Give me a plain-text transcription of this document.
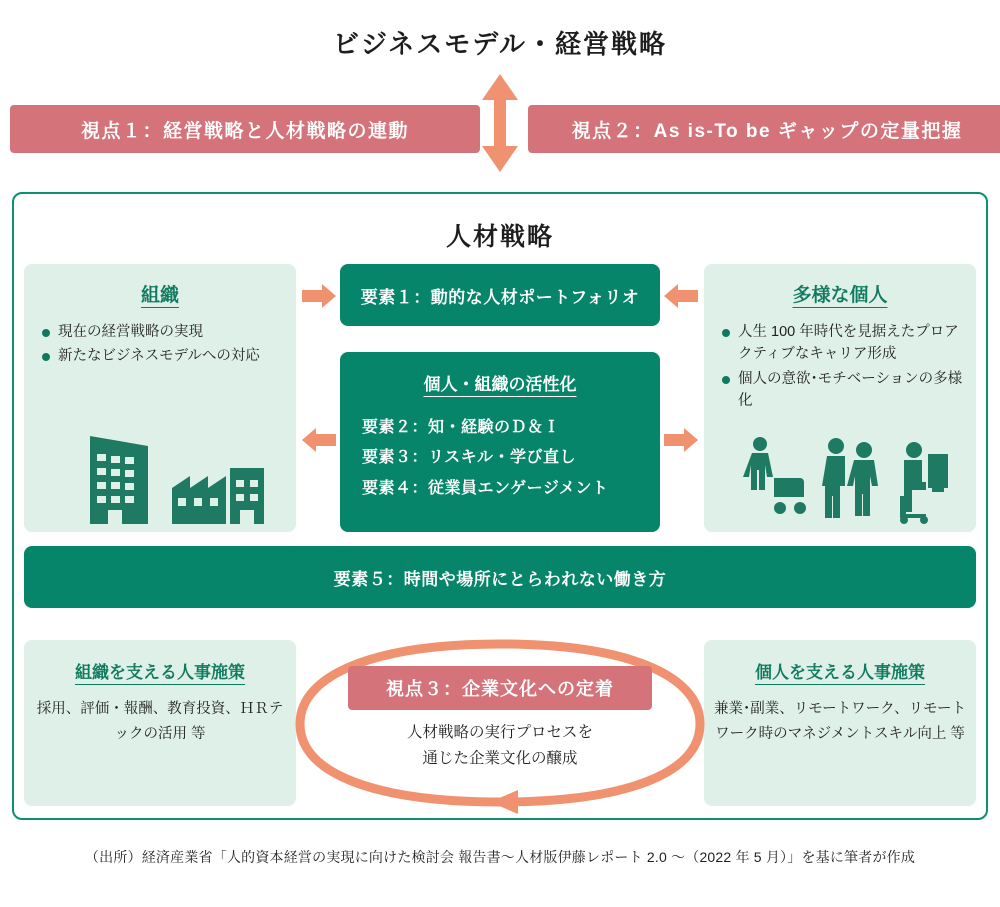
ビジネスモデル・経営戦略
視点１：経営戦略と人材戦略の連動	視点２：As is-To be ギャップの定量把握
人材戦略
組織
現在の経営戦略の実現
新たなビジネスモデルへの対応
多様な個人
人生 100 年時代を見据えたプロアクティブなキャリア形成
個人の意欲･モチベーションの多様化
要素１：動的な人材ポートフォリオ
個人・組織の活性化
要素２：知・経験のＤ＆Ｉ
要素３：リスキル・学び直し
要素４：従業員エンゲージメント
要素５：時間や場所にとらわれない働き方
組織を支える人事施策
採用、評価・報酬、教育投資、ＨＲテックの活用 等
個人を支える人事施策
兼業･副業、リモートワーク、リモートワーク時のマネジメントスキル向上 等
視点３：企業文化への定着
人材戦略の実行プロセスを
通じた企業文化の醸成
（出所）経済産業省「人的資本経営の実現に向けた検討会 報告書〜人材版伊藤レポート 2.0 〜（2022 年 5 月）」を基に筆者が作成
